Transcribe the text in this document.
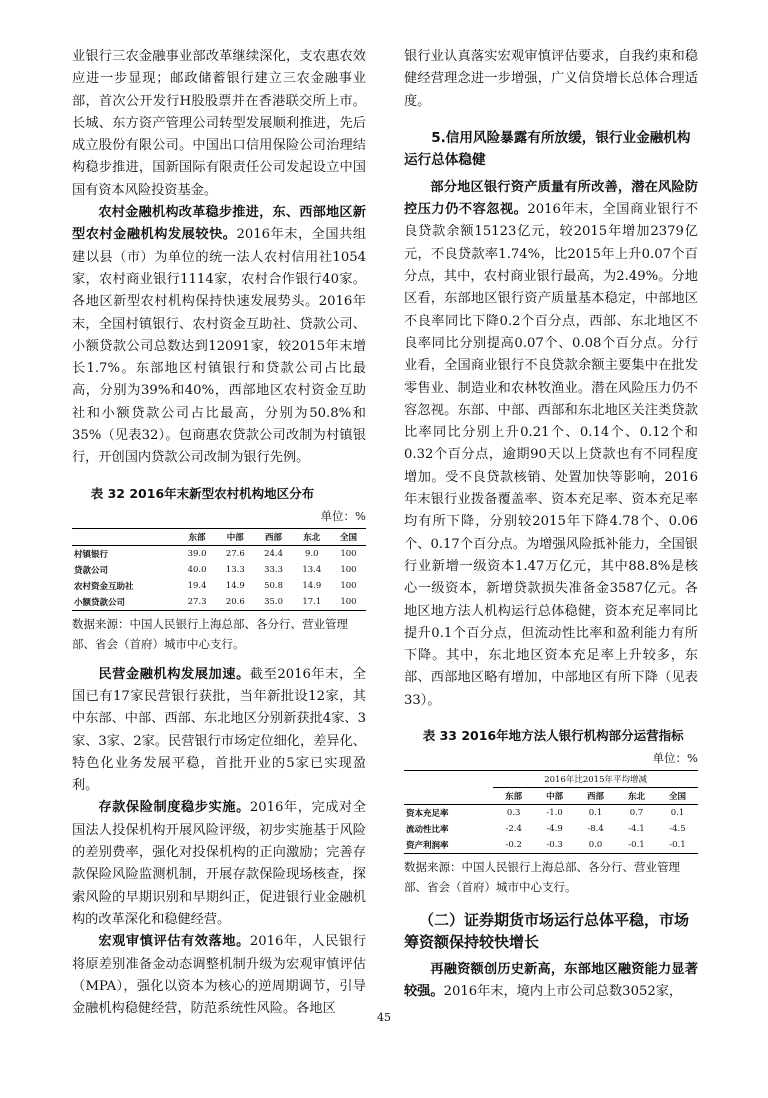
业银行三农金融事业部改革继续深化，支农惠农效应进一步显现；邮政储蓄银行建立三农金融事业部，首次公开发行H股股票并在香港联交所上市。长城、东方资产管理公司转型发展顺利推进，先后成立股份有限公司。中国出口信用保险公司治理结构稳步推进，国新国际有限责任公司发起设立中国国有资本风险投资基金。

农村金融机构改革稳步推进，东、西部地区新型农村金融机构发展较快。2016年末，全国共组建以县（市）为单位的统一法人农村信用社1054家，农村商业银行1114家，农村合作银行40家。各地区新型农村机构保持快速发展势头。2016年末，全国村镇银行、农村资金互助社、贷款公司、小额贷款公司总数达到12091家，较2015年末增长1.7%。东部地区村镇银行和贷款公司占比最高，分别为39%和40%，西部地区农村资金互助社和小额贷款公司占比最高，分别为50.8%和35%（见表32）。包商惠农贷款公司改制为村镇银行，开创国内贷款公司改制为银行先例。

表 32 2016年末新型农村机构地区分布
单位：%
	东部	中部	西部	东北	全国
村镇银行	39.0	27.6	24.4	9.0	100
贷款公司	40.0	13.3	33.3	13.4	100
农村资金互助社	19.4	14.9	50.8	14.9	100
小额贷款公司	27.3	20.6	35.0	17.1	100
数据来源：中国人民银行上海总部、各分行、营业管理部、省会（首府）城市中心支行。

民营金融机构发展加速。截至2016年末，全国已有17家民营银行获批，当年新批设12家，其中东部、中部、西部、东北地区分别新获批4家、3家、3家、2家。民营银行市场定位细化，差异化、特色化业务发展平稳，首批开业的5家已实现盈利。

存款保险制度稳步实施。2016年，完成对全国法人投保机构开展风险评级，初步实施基于风险的差别费率，强化对投保机构的正向激励；完善存款保险风险监测机制，开展存款保险现场核查，探索风险的早期识别和早期纠正，促进银行业金融机构的改革深化和稳健经营。

宏观审慎评估有效落地。2016年，人民银行将原差别准备金动态调整机制升级为宏观审慎评估（MPA），强化以资本为核心的逆周期调节，引导金融机构稳健经营，防范系统性风险。各地区

银行业认真落实宏观审慎评估要求，自我约束和稳健经营理念进一步增强，广义信贷增长总体合理适度。

5.信用风险暴露有所放缓，银行业金融机构运行总体稳健

部分地区银行资产质量有所改善，潜在风险防控压力仍不容忽视。2016年末，全国商业银行不良贷款余额15123亿元，较2015年增加2379亿元，不良贷款率1.74%，比2015年上升0.07个百分点，其中，农村商业银行最高，为2.49%。分地区看，东部地区银行资产质量基本稳定，中部地区不良率同比下降0.2个百分点，西部、东北地区不良率同比分别提高0.07个、0.08个百分点。分行业看，全国商业银行不良贷款余额主要集中在批发零售业、制造业和农林牧渔业。潜在风险压力仍不容忽视。东部、中部、西部和东北地区关注类贷款比率同比分别上升0.21个、0.14个、0.12个和0.32个百分点，逾期90天以上贷款也有不同程度增加。受不良贷款核销、处置加快等影响，2016年末银行业拨备覆盖率、资本充足率、资本充足率均有所下降，分别较2015年下降4.78个、0.06个、0.17个百分点。为增强风险抵补能力，全国银行业新增一级资本1.47万亿元，其中88.8%是核心一级资本，新增贷款损失准备金3587亿元。各地区地方法人机构运行总体稳健，资本充足率同比提升0.1个百分点，但流动性比率和盈利能力有所下降。其中，东北地区资本充足率上升较多，东部、西部地区略有增加，中部地区有所下降（见表33）。

表 33 2016年地方法人银行机构部分运营指标
单位：%
	2016年比2015年平均增减				
	东部	中部	西部	东北	全国
资本充足率	0.3	-1.0	0.1	0.7	0.1
流动性比率	-2.4	-4.9	-8.4	-4.1	-4.5
资产利润率	-0.2	-0.3	0.0	-0.1	-0.1
数据来源：中国人民银行上海总部、各分行、营业管理部、省会（首府）城市中心支行。
（二）证券期货市场运行总体平稳，市场筹资额保持较快增长

再融资额创历史新高，东部地区融资能力显著较强。2016年末，境内上市公司总数3052家，

45
